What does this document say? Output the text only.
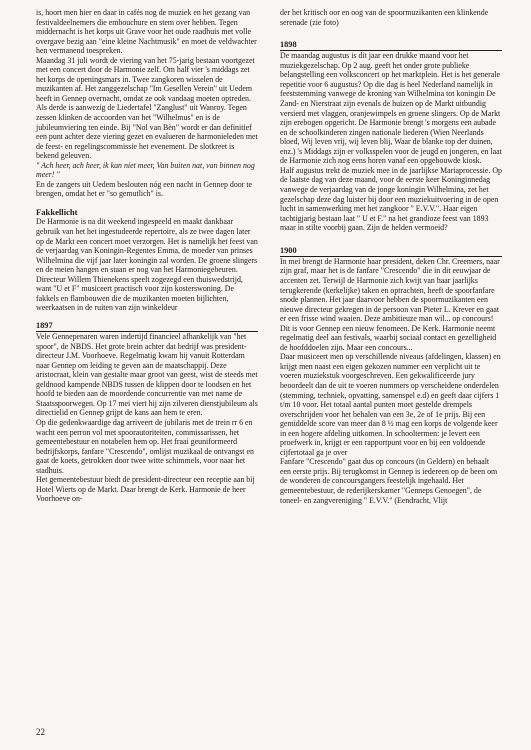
is, hoort men hier en daar in cafés nog de muziek en het gezang van festivaldeelnemers die embouchure en stem over hebben. Tegen middernacht is het korps uit Grave voor het oude raadhuis met volle overgave bezig aan "eine kleine Nachtmusik" en moet de veldwachter hen vermanend toespreken.

Maandag 31 juli wordt de viering van het 75-jarig bestaan voortgezet met een concert door de Harmonie zelf. Om half vier 's middags zet het korps de openingsmars in. Twee zangkoren wisselen de muzikanten af. Het zanggezelschap "Im Gesellen Verein" uit Uedem heeft in Gennep overnacht, omdat ze ook vandaag moeten optreden. Als derde is aanwezig de Liedertafel "Zanglust" uit Wanroy. Tegen zessen klinken de accoorden van het "Wilhelmus" en is de jubileumviering ten einde. Bij "Nol van Bèn" wordt er dan definitief een punt achter deze viering gezet en evalueren de harmonieleden met de feest- en regelingscommissie het evenement. De slotkreet is bekend geleuven.

" Ach heer, ach heer, ik kan niet meer, Van buiten nat, van binnen nog meer! "

En de zangers uit Uedem beslouten nóg een nacht in Gennep door te brengen, omdat het er "so gemutlich" is.

Fakkellicht

De Harmonie is na dit weekend ingespeeld en maakt dankbaar gebruik van het het ingestudeerde repertoire, als ze twee dagen later op de Markt een concert moet verzorgen. Het is namelijk het feest van de verjaardag van Koningin-Regentes Emma, de moeder van prinses Wilhelmina die vijf jaar later koningin zal worden. De groene slingers en de meien hangen en staan er nog van het Harmoniegebeuren.

Directeur Willem Thienekens speelt zogezegd een thuiswedstrijd, want "U et F" musiceert practisch voor zijn kosterswoning. De fakkels en flambouwen die de muzikanten moeten bijlichten, weerkaatsen in de ruiten van zijn winkeldeur

1897

Vele Gennepenaren waren indertijd financieel afhankelijk van "het spoor", de NBDS. Het grote brein achter dat bedrijf was president-directeur J.M. Voorhoeve. Regelmatig kwam hij vanuit Rotterdam naar Gennep om leiding te geven aan de maatschappij. Deze aristocraat, klein van gestalte maar groot van geest, wist de steeds met geldnood kampende NBDS tussen de klippen door te loodsen en het hoofd te bieden aan de moordende concurrentie van met name de Staatsspoorwegen. Op 17 mei viert hij zijn zilveren dienstjubileum als directielid en Gennep grijpt de kans aan hem te eren.

Op die gedenkwaardige dag arriveert de jubilaris met de trein rr 6 en wacht een perron vol met spoorautoriteiten, commissarissen, het gemeentebestuur en notabelen hem op. Het fraai geuniformeerd bedrijfskorps, fanfare "Crescendo", omlijst muzikaal de ontvangst en gaat de koets, getrokken door twee witte schimmels, voor naar het stadhuis.

Het gemeentebestuur biedt de president-directeur een receptie aan bij Hotel Wierts op de Markt. Daar brengt de Kerk. Harmonie de heer Voorhoeve on-

der het kritisch oor en oog van de spoormuzikanten een klinkende serenade (zie foto)

1898

De maandag augustus is dit jaar een drukke maand voor het muziekgezelschap. Op 2 aug. geeft het onder grote publieke belangstelling een volksconcert op het marktplein. Het is het generale repetitie voor 6 augustus? Op die dag is heel Nederland namelijk in feeststemming vanwege de kroning van Wilhelmina tot koningin De Zand- en Nierstraat zijn evenals de huizen op de Markt uitbundig versierd met vlaggen, oranjewimpels en groene slingers. Op de Markt zijn erebogen opgericht. De Harmonie brengt 's morgens een aubade en de schoolkinderen zingen nationale liederen (Wien Neerlands bloed, Wij leven vrij, wij leven blij, Waar de blanke top der duinen, enz.) 's Middags zijn er volksspelen voor de jeugd en jongeren, en laat de Harmonie zich nog eens horen vanaf een opgebouwde kiosk.

Half augustus trekt de muziek mee in de jaarlijkse Mariaprocessie. Op de laatste dag van deze maand, voor de eerste keer Koninginnedag vanwege de verjaardag van de jonge koningin Wilhelmina, zet het gezelschap deze dag luister bij door een muziekuitvoering in de open lucht in samenwerking met het zangkoor " E.V.V.". Haar eigen tachtigjarig bestaan laat " U et F." na het grandioze feest van 1893 maar in stilte voorbij gaan. Zijn de helden vermoeid?

1900

In mei brengt de Harmonie haar president, deken Chr. Creemers, naar zijn graf, maar het is de fanfare "Crescendo" die in dit eeuwjaar de accenten zet. Terwijl de Harmonie zich kwijt van haar jaarlijks terugkerende (kerkelijke) taken en optrachten, heeft de spoorfanfare snode plannen. Het jaar daarvoor hebben de spoormuzikanten een nieuwe directeur gekregen in de persoon van Pieter L. Krever en gaat er een frisse wind waaien. Deze ambitieuze man wil... op concours! Dit is voor Gennep een nieuw fenomeen. De Kerk. Harmonie neemt regelmatig deel aan festivals, waarbij sociaal contact en gezelligheid de hoofddoelen zijn. Maar een concours...

Daar musiceert men op verschillende niveaus (afdelingen, klassen) en krijgt men naast een eigen gekozen nummer een verplicht uit te voeren muziekstuk voorgeschreven. Een gekwalificeerde jury beoordeelt dan de uit te voeren nummers op verscheidene onderdelen (stemming, techniek, opvatting, samenspel e.d) en geeft daar cijfers 1 t/m 10 voor. Het totaal aantal punten moet gestelde drempels overschrijden voor het behalen van een 3e, 2e of 1e prijs. Bij een gemiddelde score van meer dan 8 ½ mag een korps de volgende keer in een hogere afdeling uitkomen. In schooltermen: je levert een proefwerk in, krijgt er een rapportpunt voor en bij een voldoende cijfertotaal ga je over

Fanfare "Crescendo" gaat dus op concours (in Geldern) en behaalt een eerste prijs. Bij terugkomst in Gennep is iedereen op de been om de wonderen de concoursgangers feestelijk ingehaald. Het gemeentebestuur, de rederijkerskamer "Genneps Genoegen", de toneel- en zangvereniging " E.V.V." (Eendracht, Vlijt

22
